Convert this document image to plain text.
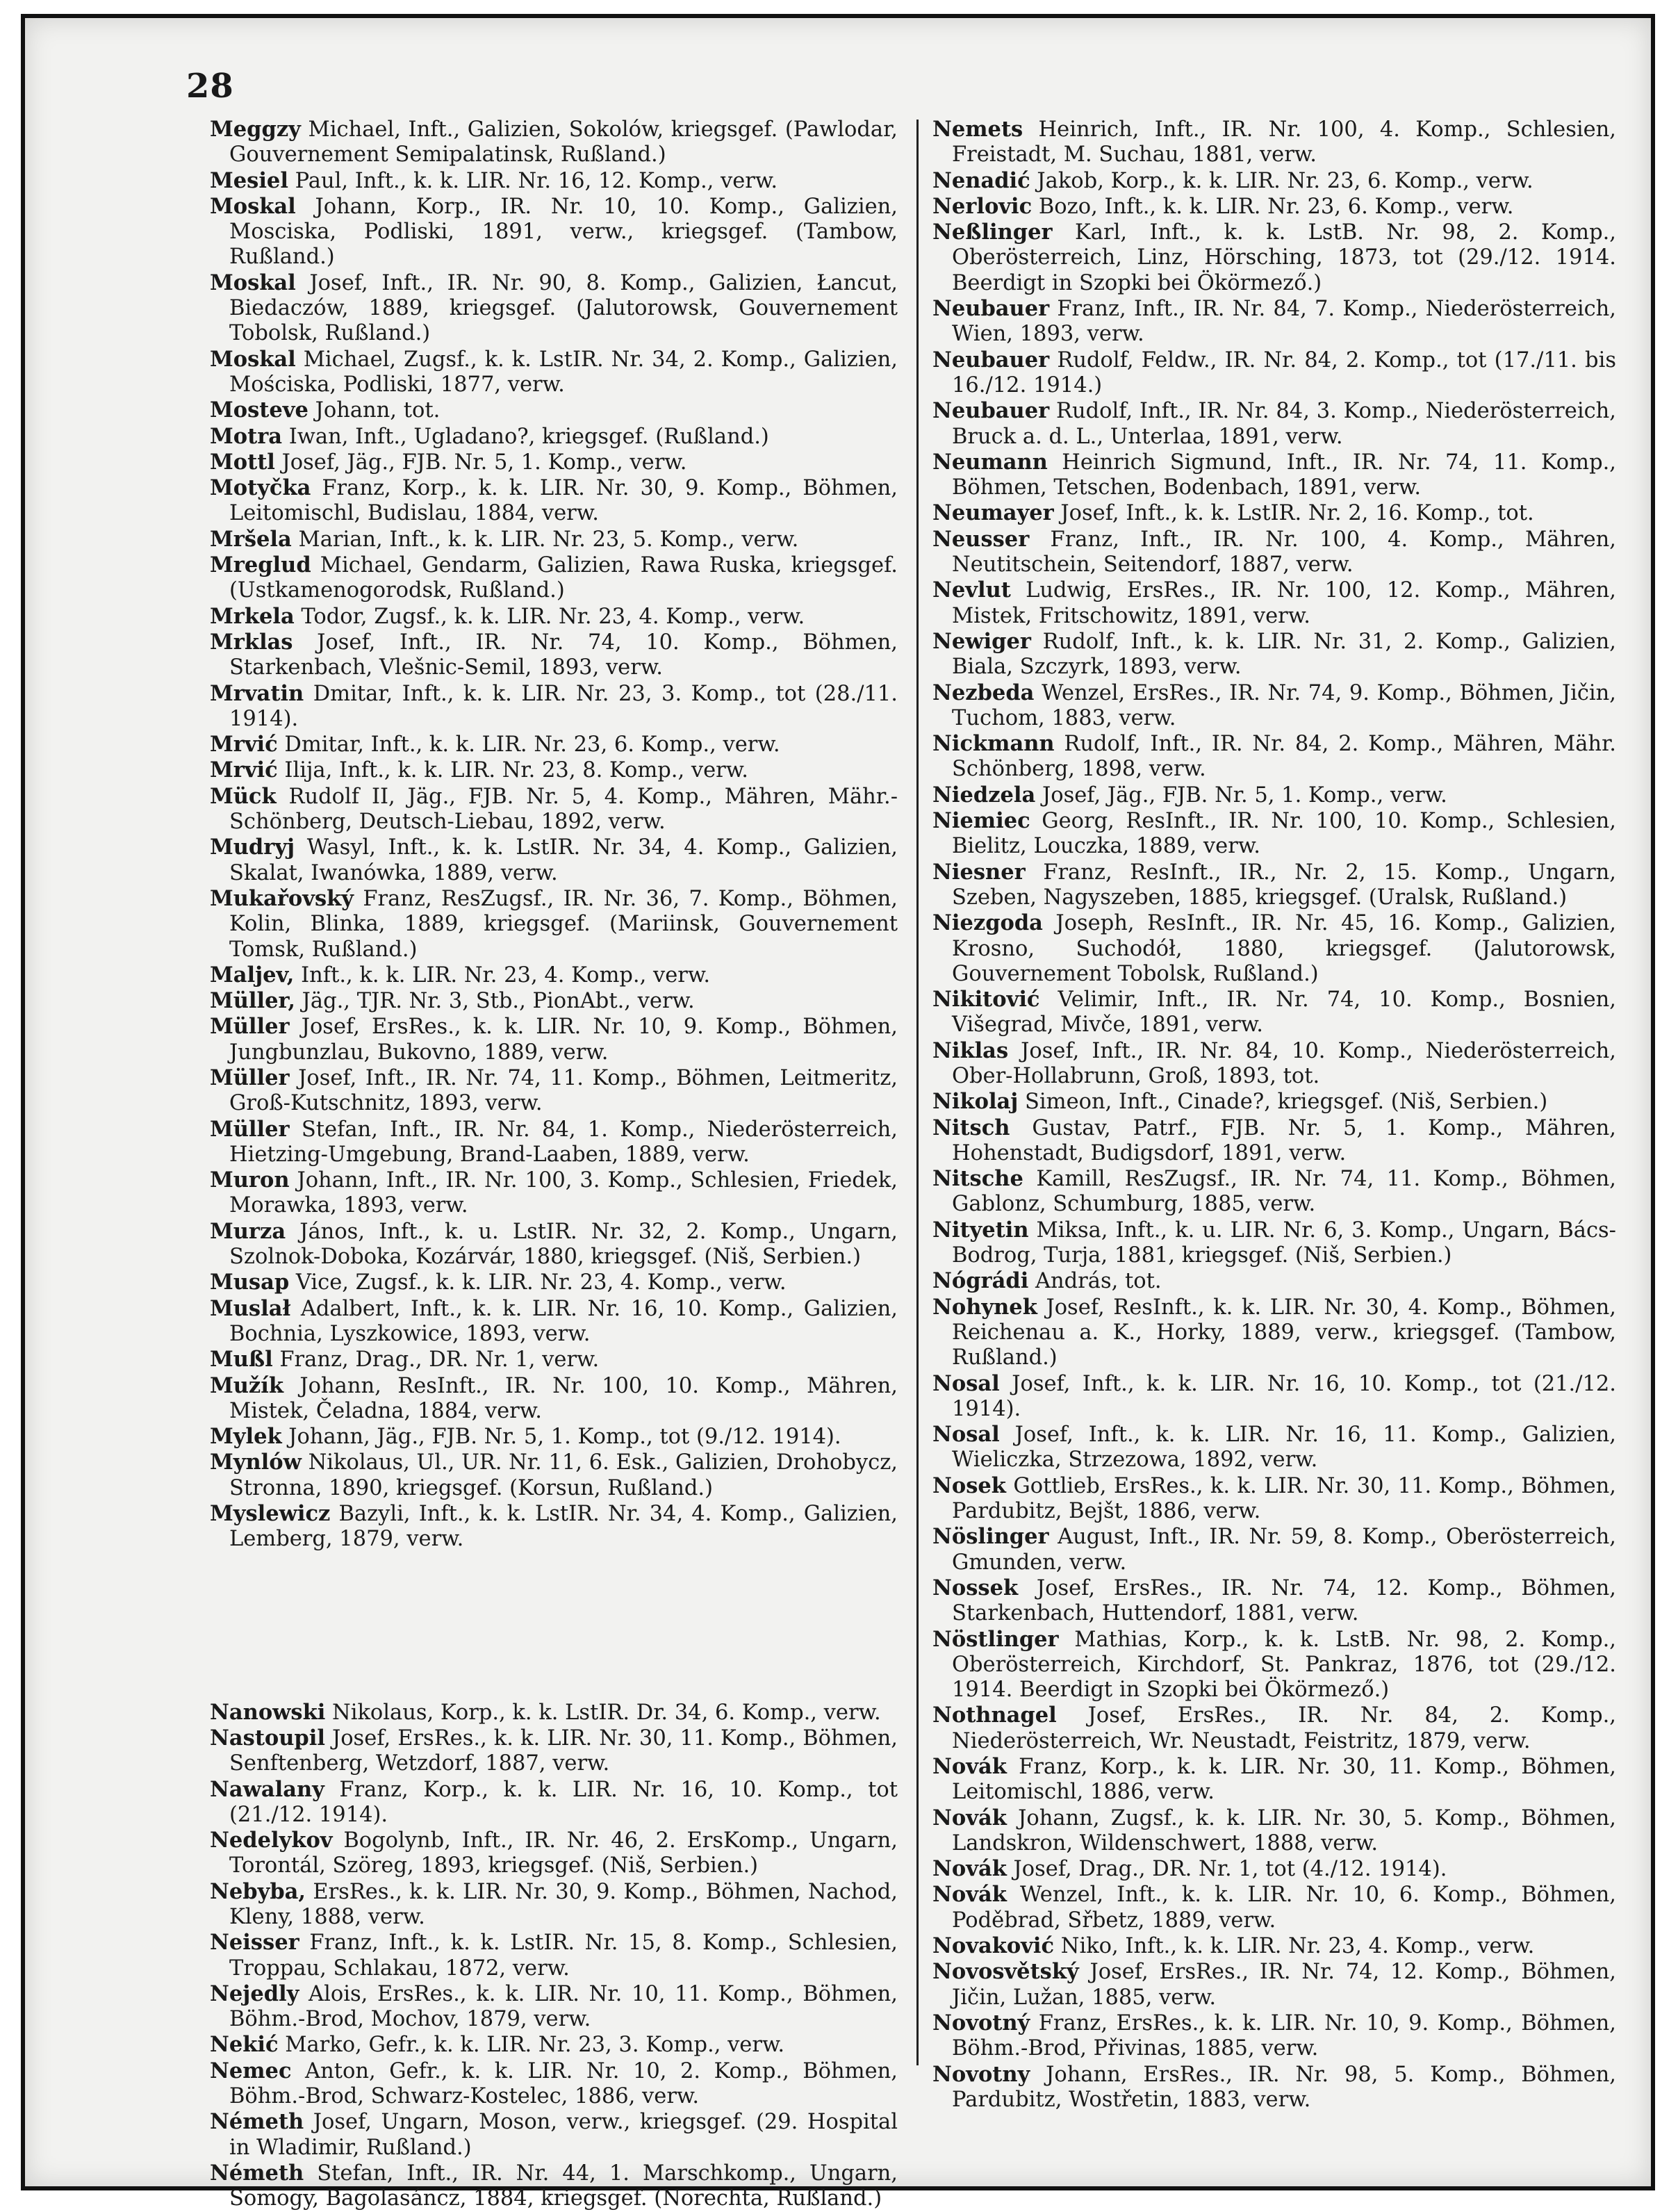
28

Meggzy Michael, Inft., Galizien, Sokolów, kriegsgef. (Pawlodar, Gouvernement Semipalatinsk, Rußland.)

Mesiel Paul, Inft., k. k. LIR. Nr. 16, 12. Komp., verw.

Moskal Johann, Korp., IR. Nr. 10, 10. Komp., Galizien, Mosciska, Podliski, 1891, verw., kriegsgef. (Tambow, Rußland.)

Moskal Josef, Inft., IR. Nr. 90, 8. Komp., Galizien, Łancut, Biedaczów, 1889, kriegsgef. (Jalutorowsk, Gouvernement Tobolsk, Rußland.)

Moskal Michael, Zugsf., k. k. LstIR. Nr. 34, 2. Komp., Galizien, Mościska, Podliski, 1877, verw.

Mosteve Johann, tot.

Motra Iwan, Inft., Ugladano?, kriegsgef. (Rußland.)

Mottl Josef, Jäg., FJB. Nr. 5, 1. Komp., verw.

Motyčka Franz, Korp., k. k. LIR. Nr. 30, 9. Komp., Böhmen, Leitomischl, Budislau, 1884, verw.

Mršela Marian, Inft., k. k. LIR. Nr. 23, 5. Komp., verw.

Mreglud Michael, Gendarm, Galizien, Rawa Ruska, kriegsgef. (Ustkamenogorodsk, Rußland.)

Mrkela Todor, Zugsf., k. k. LIR. Nr. 23, 4. Komp., verw.

Mrklas Josef, Inft., IR. Nr. 74, 10. Komp., Böhmen, Starkenbach, Vlešnic-Semil, 1893, verw.

Mrvatin Dmitar, Inft., k. k. LIR. Nr. 23, 3. Komp., tot (28./11. 1914).

Mrvić Dmitar, Inft., k. k. LIR. Nr. 23, 6. Komp., verw.

Mrvić Ilija, Inft., k. k. LIR. Nr. 23, 8. Komp., verw.

Mück Rudolf II, Jäg., FJB. Nr. 5, 4. Komp., Mähren, Mähr.-Schönberg, Deutsch-Liebau, 1892, verw.

Mudryj Wasyl, Inft., k. k. LstIR. Nr. 34, 4. Komp., Galizien, Skalat, Iwanówka, 1889, verw.

Mukařovský Franz, ResZugsf., IR. Nr. 36, 7. Komp., Böhmen, Kolin, Blinka, 1889, kriegsgef. (Mariinsk, Gouvernement Tomsk, Rußland.)

Maljev, Inft., k. k. LIR. Nr. 23, 4. Komp., verw.

Müller, Jäg., TJR. Nr. 3, Stb., PionAbt., verw.

Müller Josef, ErsRes., k. k. LIR. Nr. 10, 9. Komp., Böhmen, Jungbunzlau, Bukovno, 1889, verw.

Müller Josef, Inft., IR. Nr. 74, 11. Komp., Böhmen, Leitmeritz, Groß-Kutschnitz, 1893, verw.

Müller Stefan, Inft., IR. Nr. 84, 1. Komp., Niederösterreich, Hietzing-Umgebung, Brand-Laaben, 1889, verw.

Muron Johann, Inft., IR. Nr. 100, 3. Komp., Schlesien, Friedek, Morawka, 1893, verw.

Murza János, Inft., k. u. LstIR. Nr. 32, 2. Komp., Ungarn, Szolnok-Doboka, Kozárvár, 1880, kriegsgef. (Niš, Serbien.)

Musap Vice, Zugsf., k. k. LIR. Nr. 23, 4. Komp., verw.

Muslał Adalbert, Inft., k. k. LIR. Nr. 16, 10. Komp., Galizien, Bochnia, Lyszkowice, 1893, verw.

Mußl Franz, Drag., DR. Nr. 1, verw.

Mužík Johann, ResInft., IR. Nr. 100, 10. Komp., Mähren, Mistek, Čeladna, 1884, verw.

Mylek Johann, Jäg., FJB. Nr. 5, 1. Komp., tot (9./12. 1914).

Mynlów Nikolaus, Ul., UR. Nr. 11, 6. Esk., Galizien, Drohobycz, Stronna, 1890, kriegsgef. (Korsun, Rußland.)

Myslewicz Bazyli, Inft., k. k. LstIR. Nr. 34, 4. Komp., Galizien, Lemberg, 1879, verw.

Nanowski Nikolaus, Korp., k. k. LstIR. Dr. 34, 6. Komp., verw.

Nastoupil Josef, ErsRes., k. k. LIR. Nr. 30, 11. Komp., Böhmen, Senftenberg, Wetzdorf, 1887, verw.

Nawalany Franz, Korp., k. k. LIR. Nr. 16, 10. Komp., tot (21./12. 1914).

Nedelykov Bogolynb, Inft., IR. Nr. 46, 2. ErsKomp., Ungarn, Torontál, Szöreg, 1893, kriegsgef. (Niš, Serbien.)

Nebyba, ErsRes., k. k. LIR. Nr. 30, 9. Komp., Böhmen, Nachod, Kleny, 1888, verw.

Neisser Franz, Inft., k. k. LstIR. Nr. 15, 8. Komp., Schlesien, Troppau, Schlakau, 1872, verw.

Nejedly Alois, ErsRes., k. k. LIR. Nr. 10, 11. Komp., Böhmen, Böhm.-Brod, Mochov, 1879, verw.

Nekić Marko, Gefr., k. k. LIR. Nr. 23, 3. Komp., verw.

Nemec Anton, Gefr., k. k. LIR. Nr. 10, 2. Komp., Böhmen, Böhm.-Brod, Schwarz-Kostelec, 1886, verw.

Németh Josef, Ungarn, Moson, verw., kriegsgef. (29. Hospital in Wladimir, Rußland.)

Németh Stefan, Inft., IR. Nr. 44, 1. Marschkomp., Ungarn, Somogy, Bagolasáncz, 1884, kriegsgef. (Norechta, Rußland.)

Nemets Heinrich, Inft., IR. Nr. 100, 4. Komp., Schlesien, Freistadt, M. Suchau, 1881, verw.

Nenadić Jakob, Korp., k. k. LIR. Nr. 23, 6. Komp., verw.

Nerlovic Bozo, Inft., k. k. LIR. Nr. 23, 6. Komp., verw.

Neßlinger Karl, Inft., k. k. LstB. Nr. 98, 2. Komp., Oberösterreich, Linz, Hörsching, 1873, tot (29./12. 1914. Beerdigt in Szopki bei Ökörmező.)

Neubauer Franz, Inft., IR. Nr. 84, 7. Komp., Niederösterreich, Wien, 1893, verw.

Neubauer Rudolf, Feldw., IR. Nr. 84, 2. Komp., tot (17./11. bis 16./12. 1914.)

Neubauer Rudolf, Inft., IR. Nr. 84, 3. Komp., Niederösterreich, Bruck a. d. L., Unterlaa, 1891, verw.

Neumann Heinrich Sigmund, Inft., IR. Nr. 74, 11. Komp., Böhmen, Tetschen, Bodenbach, 1891, verw.

Neumayer Josef, Inft., k. k. LstIR. Nr. 2, 16. Komp., tot.

Neusser Franz, Inft., IR. Nr. 100, 4. Komp., Mähren, Neutitschein, Seitendorf, 1887, verw.

Nevlut Ludwig, ErsRes., IR. Nr. 100, 12. Komp., Mähren, Mistek, Fritschowitz, 1891, verw.

Newiger Rudolf, Inft., k. k. LIR. Nr. 31, 2. Komp., Galizien, Biala, Szczyrk, 1893, verw.

Nezbeda Wenzel, ErsRes., IR. Nr. 74, 9. Komp., Böhmen, Jičin, Tuchom, 1883, verw.

Nickmann Rudolf, Inft., IR. Nr. 84, 2. Komp., Mähren, Mähr. Schönberg, 1898, verw.

Niedzela Josef, Jäg., FJB. Nr. 5, 1. Komp., verw.

Niemiec Georg, ResInft., IR. Nr. 100, 10. Komp., Schlesien, Bielitz, Louczka, 1889, verw.

Niesner Franz, ResInft., IR., Nr. 2, 15. Komp., Ungarn, Szeben, Nagyszeben, 1885, kriegsgef. (Uralsk, Rußland.)

Niezgoda Joseph, ResInft., IR. Nr. 45, 16. Komp., Galizien, Krosno, Suchodół, 1880, kriegsgef. (Jalutorowsk, Gouvernement Tobolsk, Rußland.)

Nikitović Velimir, Inft., IR. Nr. 74, 10. Komp., Bosnien, Višegrad, Mivče, 1891, verw.

Niklas Josef, Inft., IR. Nr. 84, 10. Komp., Niederösterreich, Ober-Hollabrunn, Groß, 1893, tot.

Nikolaj Simeon, Inft., Cinade?, kriegsgef. (Niš, Serbien.)

Nitsch Gustav, Patrf., FJB. Nr. 5, 1. Komp., Mähren, Hohenstadt, Budigsdorf, 1891, verw.

Nitsche Kamill, ResZugsf., IR. Nr. 74, 11. Komp., Böhmen, Gablonz, Schumburg, 1885, verw.

Nityetin Miksa, Inft., k. u. LIR. Nr. 6, 3. Komp., Ungarn, Bács-Bodrog, Turja, 1881, kriegsgef. (Niš, Serbien.)

Nógrádi András, tot.

Nohynek Josef, ResInft., k. k. LIR. Nr. 30, 4. Komp., Böhmen, Reichenau a. K., Horky, 1889, verw., kriegsgef. (Tambow, Rußland.)

Nosal Josef, Inft., k. k. LIR. Nr. 16, 10. Komp., tot (21./12. 1914).

Nosal Josef, Inft., k. k. LIR. Nr. 16, 11. Komp., Galizien, Wieliczka, Strzezowa, 1892, verw.

Nosek Gottlieb, ErsRes., k. k. LIR. Nr. 30, 11. Komp., Böhmen, Pardubitz, Bejšt, 1886, verw.

Nöslinger August, Inft., IR. Nr. 59, 8. Komp., Oberösterreich, Gmunden, verw.

Nossek Josef, ErsRes., IR. Nr. 74, 12. Komp., Böhmen, Starkenbach, Huttendorf, 1881, verw.

Nöstlinger Mathias, Korp., k. k. LstB. Nr. 98, 2. Komp., Oberösterreich, Kirchdorf, St. Pankraz, 1876, tot (29./12. 1914. Beerdigt in Szopki bei Ökörmező.)

Nothnagel Josef, ErsRes., IR. Nr. 84, 2. Komp., Niederösterreich, Wr. Neustadt, Feistritz, 1879, verw.

Novák Franz, Korp., k. k. LIR. Nr. 30, 11. Komp., Böhmen, Leitomischl, 1886, verw.

Novák Johann, Zugsf., k. k. LIR. Nr. 30, 5. Komp., Böhmen, Landskron, Wildenschwert, 1888, verw.

Novák Josef, Drag., DR. Nr. 1, tot (4./12. 1914).

Novák Wenzel, Inft., k. k. LIR. Nr. 10, 6. Komp., Böhmen, Poděbrad, Sřbetz, 1889, verw.

Novaković Niko, Inft., k. k. LIR. Nr. 23, 4. Komp., verw.

Novosvětský Josef, ErsRes., IR. Nr. 74, 12. Komp., Böhmen, Jičin, Lužan, 1885, verw.

Novotný Franz, ErsRes., k. k. LIR. Nr. 10, 9. Komp., Böhmen, Böhm.-Brod, Přivinas, 1885, verw.

Novotny Johann, ErsRes., IR. Nr. 98, 5. Komp., Böhmen, Pardubitz, Wostřetin, 1883, verw.
